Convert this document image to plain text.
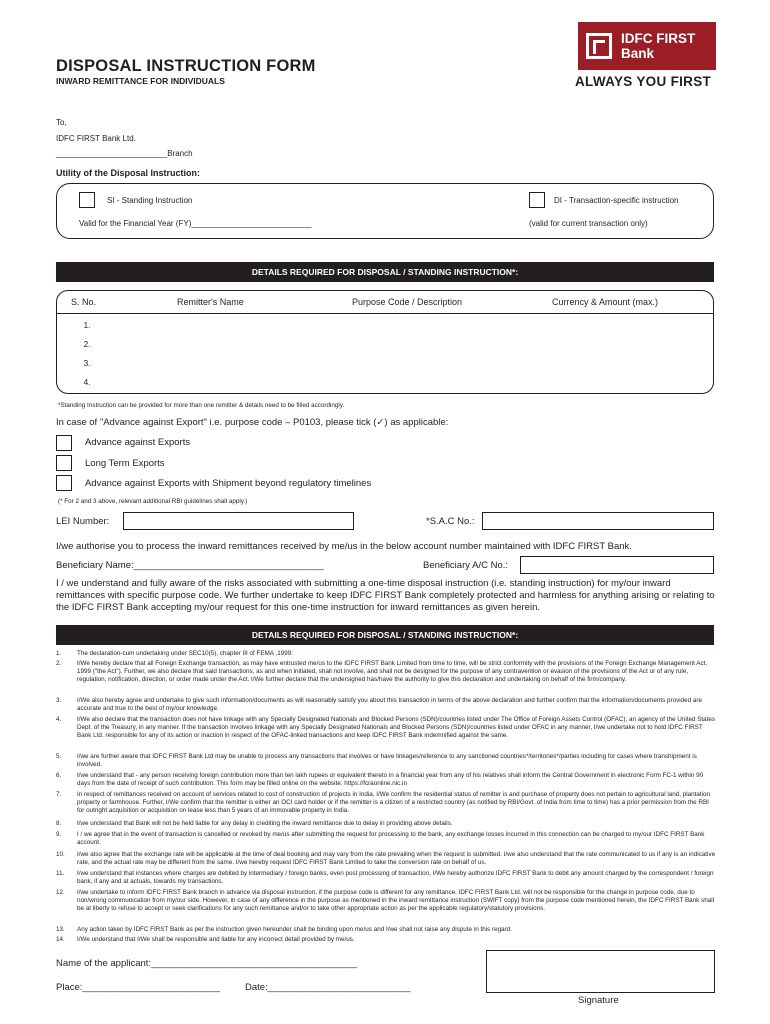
IDFC FIRST
Bank
ALWAYS YOU FIRST
DISPOSAL INSTRUCTION FORM
INWARD REMITTANCE FOR INDIVIDUALS
To,
IDFC FIRST Bank Ltd.
_________________________Branch
Utility of the Disposal Instruction:
SI - Standing Instruction
Valid for the Financial Year (FY)___________________________
DI - Transaction-specific instruction
(valid for current transaction only)
DETAILS REQUIRED FOR DISPOSAL / STANDING INSTRUCTION*:
S. No.	Remitter's Name	Purpose Code / Description	Currency & Amount (max.)
1.
2.
3.
4.
*Standing Instruction can be provided for more than one remitter & details need to be filled accordingly.
In case of "Advance against Export" i.e. purpose code – P0103, please tick (✓) as applicable:
Advance against Exports
Long Term Exports
Advance against Exports with Shipment beyond regulatory timelines
(* For 2 and 3 above, relevant additional RBI guidelines shall apply.)
LEI Number:	*S.A.C No.:
I/we authorise you to process the inward remittances received by me/us in the below account number maintained with IDFC FIRST Bank.
Beneficiary Name:____________________________________	Beneficiary A/C No.:
I / we understand and fully aware of the risks associated with submitting a one-time disposal instruction (i.e. standing instruction) for my/our inward remittances with specific purpose code. We further undertake to keep IDFC FIRST Bank completely protected and harmless for anything arising or relating to the IDFC FIRST Bank accepting my/our request for this one-time instruction for inward remittances as given herein.
DETAILS REQUIRED FOR DISPOSAL / STANDING INSTRUCTION*:
1. The declaration-cum undertaking under SEC10(5), chapter III of FEMA ,1999:
2. I/We hereby declare that all Foreign Exchange transaction, as may have entrusted me/us to the IDFC FIRST Bank Limited from time to time, will be strict conformity with the provisions of the Foreign Exchange Management Act, 1999 ("the Act"). Further, we also declare that said transactions, as and when initiated, shall not involve, and shall not be designed for the purpose of any contravention or evasion of the provisions of the Act or of any rule, regulation, notification, direction, or order made under the Act. I/We further declare that the undersigned has/have the authority to give this declaration and undertaking on behalf of the firm/company.
3. I/We also hereby agree and undertake to give such information/documents as will reasonably satisfy you about this transaction in terms of the above declaration and further confirm that the information/documents provided are accurate and true to the best of my/our knowledge.
4. I/We also declare that the transaction does not have linkage with any Specially Designated Nationals and Blocked Persons (SDN)/countries listed under The Office of Foreign Assets Control (OFAC), an agency of the United States Dept. of the Treasury, in any manner. If the transaction involves linkage with any Specially Designated Nationals and Blocked Persons (SDN)/countries listed under OFAC in any manner, I/we undertake not to hold IDFC FIRST Bank Ltd. responsible for any of its action or inaction in respect of the OFAC-linked transactions and keep IDFC FIRST Bank indemnified against the same.
5. I/we are further aware that IDFC FIRST Bank Ltd may be unable to process any transactions that involves or have linkages/reference to any sanctioned countries*/territories*/parties including for cases where transhipment is involved.
6. I/we understand that - any person receiving foreign contribution more than ten lakh rupees or equivalent thereto in a financial year from any of his relatives shall inform the Central Government in electronic Form FC-1 within 90 days from the date of receipt of such contribution. This form may be filled online on the website: https://fcraonline.nic.in
7. In respect of remittances received on account of services related to cost of construction of projects in India, I/We confirm the residential status of remitter is and purchase of property does not pertain to agricultural land, plantation property or farmhouse. Further, I/We confirm that the remitter is either an OCI card holder or if the remitter is a citizen of a restricted country (as notified by RBI/Govt. of India from time to time) has a prior permission from the RBI for outright acquisition or acquisition on lease less than 5 years of an immovable property in India.
8. I/we understand that Bank will not be held liable for any delay in crediting the inward remittance due to delay in providing above details.
9. I / we agree that in the event of transaction is cancelled or revoked by me/us after submitting the request for processing to the bank, any exchange losses incurred in this connection can be charged to my/our IDFC FIRST Bank account.
10. I/we also agree that the exchange rate will be applicable at the time of deal booking and may vary from the rate prevailing when the request is submitted. I/we also understand that the rate communicated to us if any is an indicative rate, and the actual rate may be different from the same. I/we hereby request IDFC FIRST Bank Limited to take the conversion rate on behalf of us.
11. I/we understand that instances where charges are debited by intermediary / foreign banks, even post processing of transaction, I/We hereby authorize IDFC FIRST Bank to debit any amount charged by the correspondent / foreign bank, if any and at actuals, towards my transactions.
12. I/we undertake to inform IDFC FIRST Bank branch in advance via disposal instruction, if the purpose code is different for any remittance. IDFC FIRST Bank Ltd. will not be responsible for the change in purpose code, due to non/wrong communication from my/our side. However, in case of any difference in the purpose as mentioned in the inward remittance instruction (SWIFT copy) from the purpose code mentioned herein, the IDFC FIRST Bank shall be at liberty to refuse to accept or seek clarifications for any such remittance and/or to take other appropriate action as per the applicable regulatory/statutory provisions.
13. Any action taken by IDFC FIRST Bank as per the instruction given hereunder shall be binding upon me/us and I/we shall not raise any dispute in this regard.
14. I/We understand that I/We shall be responsible and liable for any incorrect detail provided by me/us.
Name of the applicant:_______________________________________
Place:__________________________	Date:___________________________
Signature
